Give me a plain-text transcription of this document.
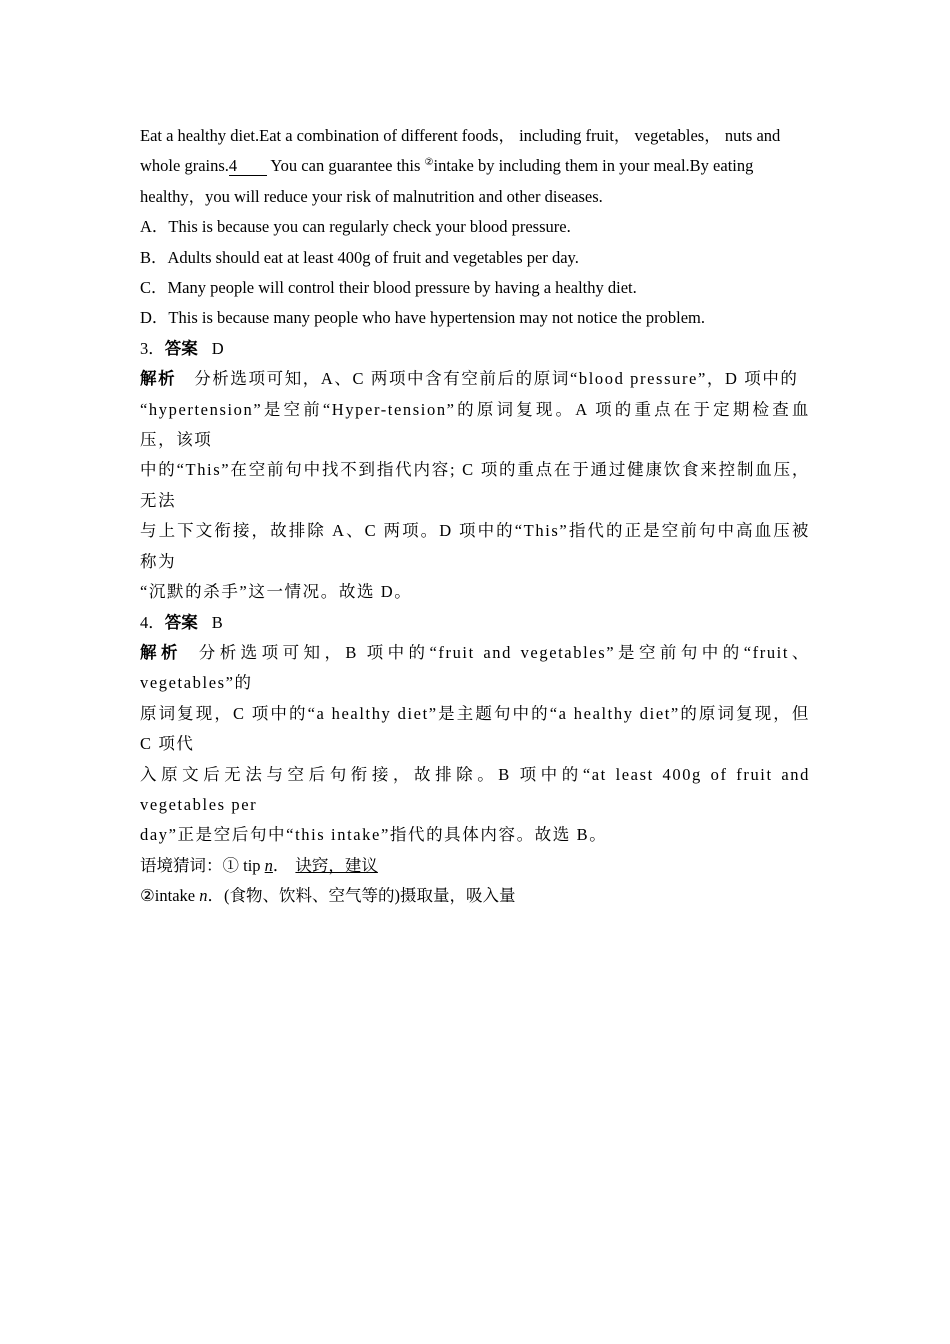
Eat a healthy diet.Eat a combination of different foods， including fruit， vegetables， nuts and

whole grains.4 You can guarantee this ②intake by including them in your meal.By eating

healthy，you will reduce your risk of malnutrition and other diseases.

A．This is because you can regularly check your blood pressure.

B．Adults should eat at least 400g of fruit and vegetables per day.

C．Many people will control their blood pressure by having a healthy diet.

D．This is because many people who have hypertension may not notice the problem.

3．答案 D

解析 分析选项可知，A、C 两项中含有空前后的原词“blood pressure”，D 项中的

“hypertension”是空前“Hyper-tension”的原词复现。A 项的重点在于定期检查血压，该项

中的“This”在空前句中找不到指代内容; C 项的重点在于通过健康饮食来控制血压，无法

与上下文衔接，故排除 A、C 两项。D 项中的“This”指代的正是空前句中高血压被称为

“沉默的杀手”这一情况。故选 D。

4．答案 B

解析 分析选项可知，B 项中的“fruit and vegetables”是空前句中的“fruit、vegetables”的

原词复现，C 项中的“a healthy diet”是主题句中的“a healthy diet”的原词复现，但 C 项代

入原文后无法与空后句衔接，故排除。B 项中的“at least 400g of fruit and vegetables per

day”正是空后句中“this intake”指代的具体内容。故选 B。

语境猜词：① tip n． 诀窍，建议

②intake n．(食物、饮料、空气等的)摄取量，吸入量
